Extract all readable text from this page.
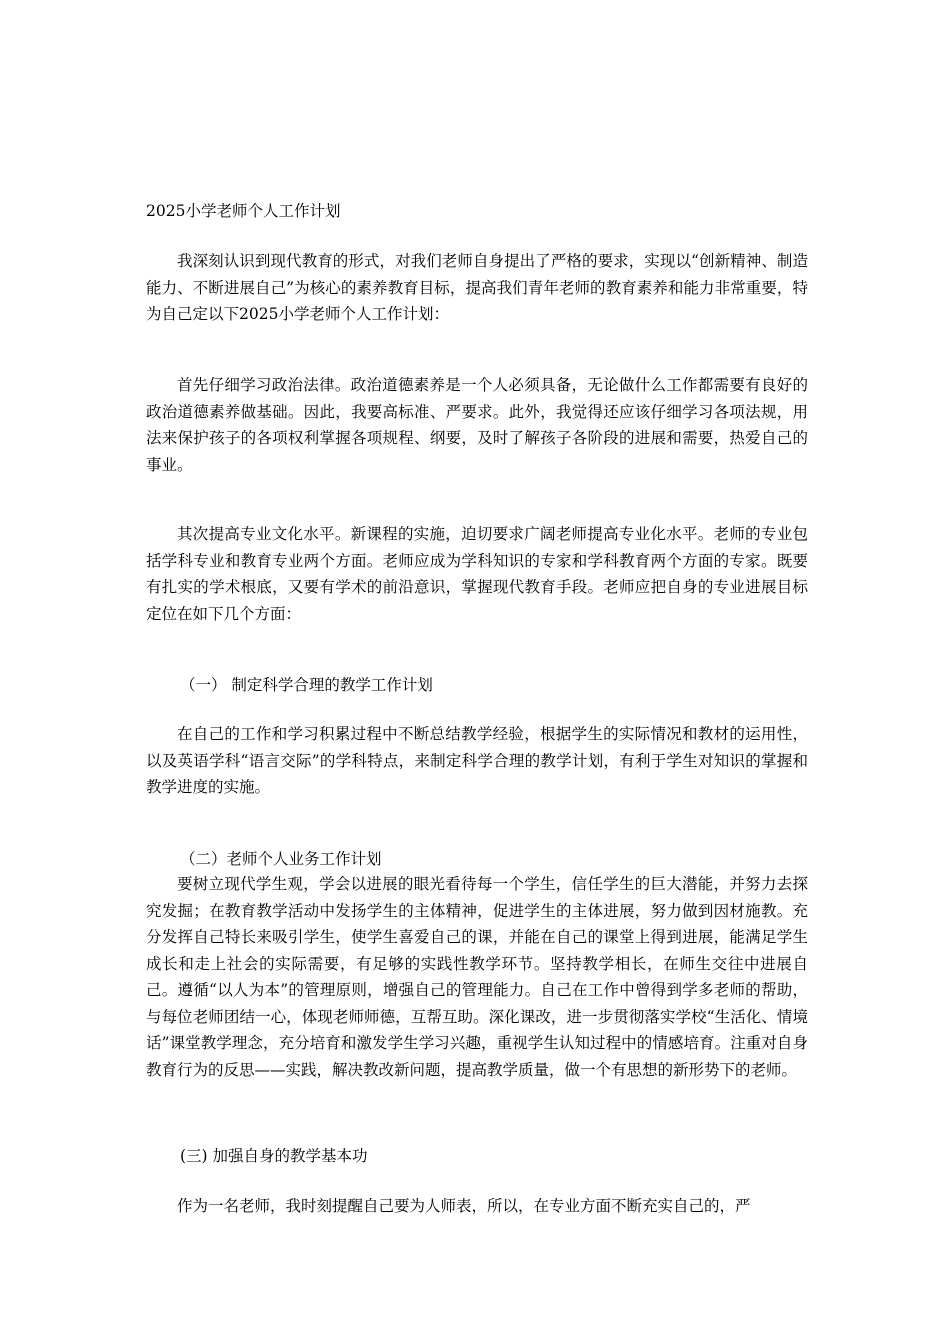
2025小学老师个人工作计划

我深刻认识到现代教育的形式，对我们老师自身提出了严格的要求，实现以“创新精神、制造能力、不断进展自己”为核心的素养教育目标，提高我们青年老师的教育素养和能力非常重要，特为自己定以下2025小学老师个人工作计划：

首先仔细学习政治法律。政治道德素养是一个人必须具备，无论做什么工作都需要有良好的政治道德素养做基础。因此，我要高标准、严要求。此外，我觉得还应该仔细学习各项法规，用法来保护孩子的各项权利掌握各项规程、纲要，及时了解孩子各阶段的进展和需要，热爱自己的事业。

其次提高专业文化水平。新课程的实施，迫切要求广阔老师提高专业化水平。老师的专业包括学科专业和教育专业两个方面。老师应成为学科知识的专家和学科教育两个方面的专家。既要有扎实的学术根底，又要有学术的前沿意识，掌握现代教育手段。老师应把自身的专业进展目标定位在如下几个方面：

（一） 制定科学合理的教学工作计划

在自己的工作和学习积累过程中不断总结教学经验，根据学生的实际情况和教材的运用性，以及英语学科“语言交际”的学科特点，来制定科学合理的教学计划，有利于学生对知识的掌握和教学进度的实施。

（二）老师个人业务工作计划

要树立现代学生观，学会以进展的眼光看待每一个学生，信任学生的巨大潜能，并努力去探究发掘；在教育教学活动中发扬学生的主体精神，促进学生的主体进展，努力做到因材施教。充分发挥自己特长来吸引学生，使学生喜爱自己的课，并能在自己的课堂上得到进展，能满足学生成长和走上社会的实际需要，有足够的实践性教学环节。坚持教学相长，在师生交往中进展自己。遵循“以人为本”的管理原则，增强自己的管理能力。自己在工作中曾得到学多老师的帮助，与每位老师团结一心，体现老师师德，互帮互助。深化课改，进一步贯彻落实学校“生活化、情境话”课堂教学理念，充分培育和激发学生学习兴趣，重视学生认知过程中的情感培育。注重对自身教育行为的反思——实践，解决教改新问题，提高教学质量，做一个有思想的新形势下的老师。

(三) 加强自身的教学基本功

作为一名老师，我时刻提醒自己要为人师表，所以，在专业方面不断充实自己的，严
